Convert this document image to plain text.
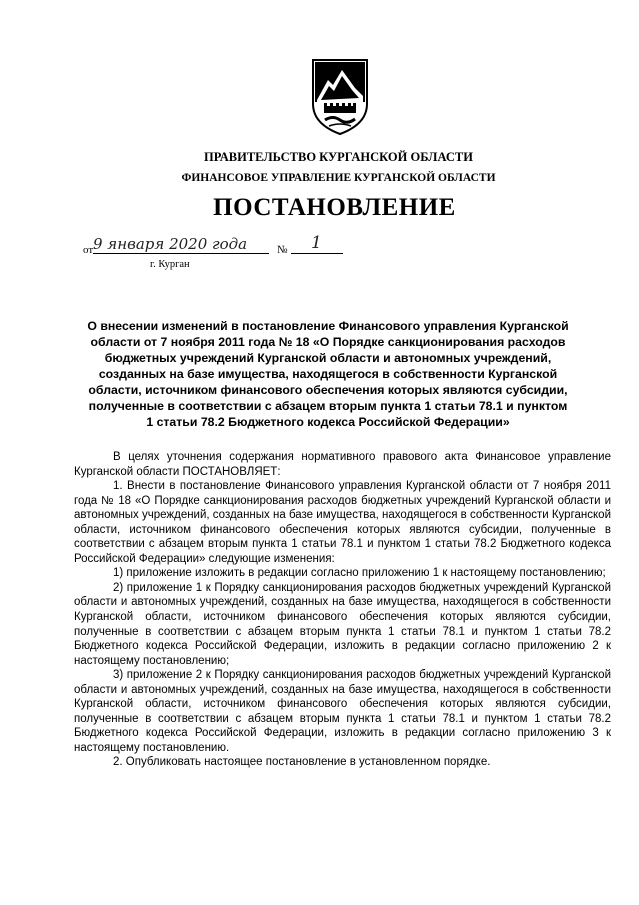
ПРАВИТЕЛЬСТВО КУРГАНСКОЙ ОБЛАСТИ
ФИНАНСОВОЕ УПРАВЛЕНИЕ КУРГАНСКОЙ ОБЛАСТИ
ПОСТАНОВЛЕНИЕ
от 9 января 2020 года	№ 1
г. Курган
О внесении изменений в постановление Финансового управления Курганской области от 7 ноября 2011 года № 18 «О Порядке санкционирования расходов бюджетных учреждений Курганской области и автономных учреждений, созданных на базе имущества, находящегося в собственности Курганской области, источником финансового обеспечения которых являются субсидии, полученные в соответствии с абзацем вторым пункта 1 статьи 78.1 и пунктом 1 статьи 78.2 Бюджетного кодекса Российской Федерации»

В целях уточнения содержания нормативного правового акта Финансовое управление Курганской области ПОСТАНОВЛЯЕТ:

1. Внести в постановление Финансового управления Курганской области от 7 ноября 2011 года № 18 «О Порядке санкционирования расходов бюджетных учреждений Курганской области и автономных учреждений, созданных на базе имущества, находящегося в собственности Курганской области, источником финансового обеспечения которых являются субсидии, полученные в соответствии с абзацем вторым пункта 1 статьи 78.1 и пунктом 1 статьи 78.2 Бюджетного кодекса Российской Федерации» следующие изменения:

1) приложение изложить в редакции согласно приложению 1 к настоящему постановлению;

2) приложение 1 к Порядку санкционирования расходов бюджетных учреждений Курганской области и автономных учреждений, созданных на базе имущества, находящегося в собственности Курганской области, источником финансового обеспечения которых являются субсидии, полученные в соответствии с абзацем вторым пункта 1 статьи 78.1 и пунктом 1 статьи 78.2 Бюджетного кодекса Российской Федерации, изложить в редакции согласно приложению 2 к настоящему постановлению;

3) приложение 2 к Порядку санкционирования расходов бюджетных учреждений Курганской области и автономных учреждений, созданных на базе имущества, находящегося в собственности Курганской области, источником финансового обеспечения которых являются субсидии, полученные в соответствии с абзацем вторым пункта 1 статьи 78.1 и пунктом 1 статьи 78.2 Бюджетного кодекса Российской Федерации, изложить в редакции согласно приложению 3 к настоящему постановлению.

2. Опубликовать настоящее постановление в установленном порядке.
